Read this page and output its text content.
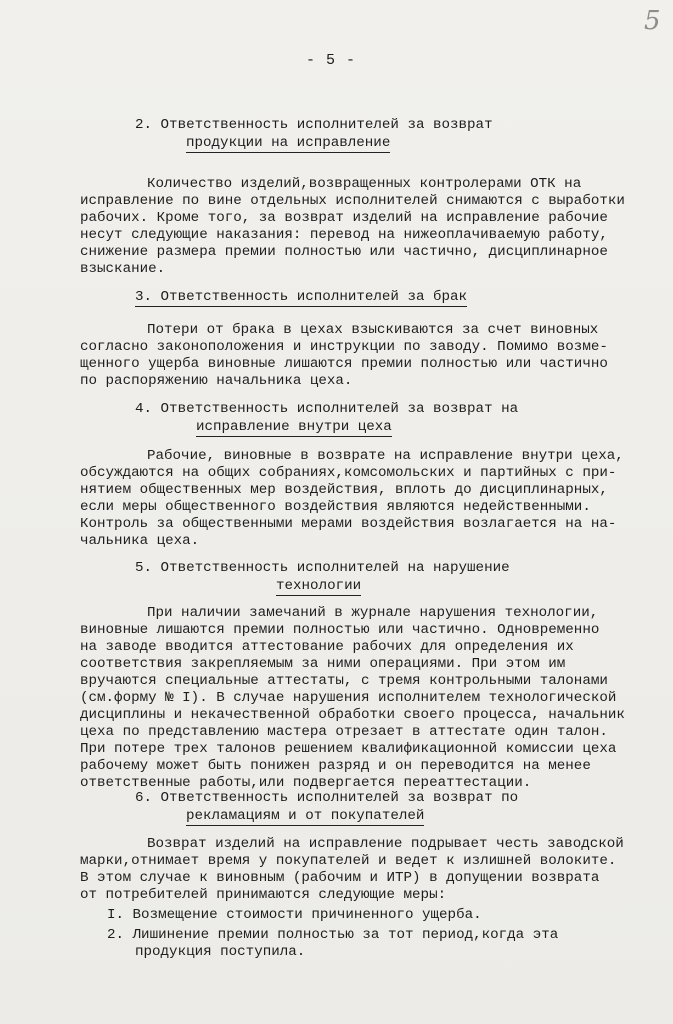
5
- 5 -
2. Ответственность исполнителей за возврат
продукции на исправление
Количество изделий,возвращенных контролерами ОТК на
исправление по вине отдельных исполнителей снимаются с выработки
рабочих. Кроме того, за возврат изделий на исправление рабочие
несут следующие наказания: перевод на нижеоплачиваемую работу,
снижение размера премии полностью или частично, дисциплинарное
взыскание.
3. Ответственность исполнителей за брак
Потери от брака в цехах взыскиваются за счет виновных
согласно законоположения и инструкции по заводу. Помимо возме-
щенного ущерба виновные лишаются премии полностью или частично
по распоряжению начальника цеха.
4. Ответственность исполнителей за возврат на
исправление внутри цеха
Рабочие, виновные в возврате на исправление внутри цеха,
обсуждаются на общих собраниях,комсомольских и партийных с при-
нятием общественных мер воздействия, вплоть до дисциплинарных,
если меры общественного воздействия являются недейственными.
Контроль за общественными мерами воздействия возлагается на на-
чальника цеха.
5. Ответственность исполнителей на нарушение
технологии
При наличии замечаний в журнале нарушения технологии,
виновные лишаются премии полностью или частично. Одновременно
на заводе вводится аттестование рабочих для определения их
соответствия закрепляемым за ними операциями. При этом им
вручаются специальные аттестаты, с тремя контрольными талонами
(см.форму № I). В случае нарушения исполнителем технологической
дисциплины и некачественной обработки своего процесса, начальник
цеха по представлению мастера отрезает в аттестате один талон.
При потере трех талонов решением квалификационной комиссии цеха
рабочему может быть понижен разряд и он переводится на менее
ответственные работы,или подвергается переаттестации.
6. Ответственность исполнителей за возврат по
рекламациям и от покупателей
Возврат изделий на исправление подрывает честь заводской
марки,отнимает время у покупателей и ведет к излишней волоките.
В этом случае к виновным (рабочим и ИТР) в допущении возврата
от потребителей принимаются следующие меры:
I. Возмещение стоимости причиненного ущерба.
2. Лишинение премии полностью за тот период,когда эта
продукция поступила.
